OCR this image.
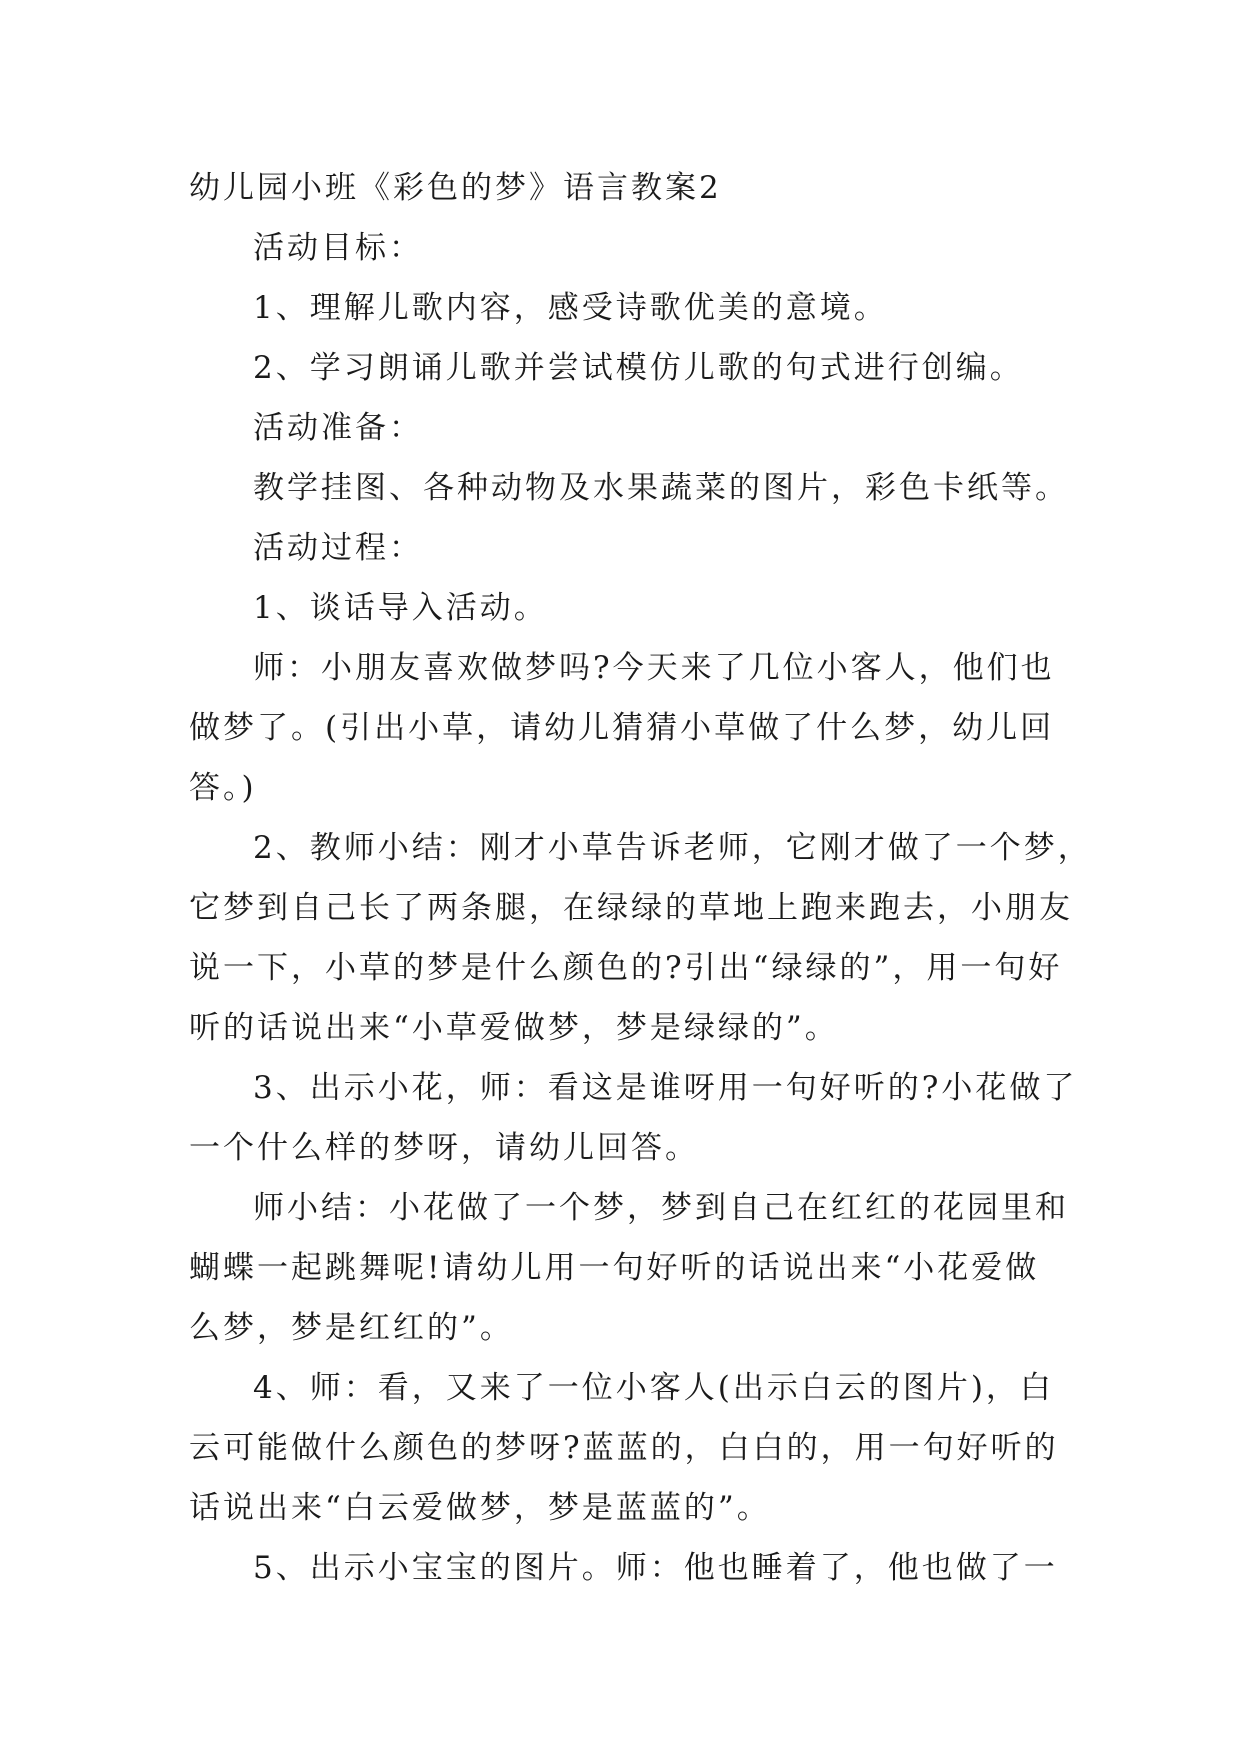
幼儿园小班《彩色的梦》语言教案2
活动目标：
1、理解儿歌内容，感受诗歌优美的意境。
2、学习朗诵儿歌并尝试模仿儿歌的句式进行创编。
活动准备：
教学挂图、各种动物及水果蔬菜的图片，彩色卡纸等。
活动过程：
1、谈话导入活动。
师：小朋友喜欢做梦吗?今天来了几位小客人，他们也
做梦了。(引出小草，请幼儿猜猜小草做了什么梦，幼儿回
答。)
2、教师小结：刚才小草告诉老师，它刚才做了一个梦，
它梦到自己长了两条腿，在绿绿的草地上跑来跑去，小朋友
说一下，小草的梦是什么颜色的?引出“绿绿的”，用一句好
听的话说出来“小草爱做梦，梦是绿绿的”。
3、出示小花，师：看这是谁呀用一句好听的?小花做了
一个什么样的梦呀，请幼儿回答。
师小结：小花做了一个梦，梦到自己在红红的花园里和
蝴蝶一起跳舞呢!请幼儿用一句好听的话说出来“小花爱做
么梦，梦是红红的”。
4、师：看，又来了一位小客人(出示白云的图片)，白
云可能做什么颜色的梦呀?蓝蓝的，白白的，用一句好听的
话说出来“白云爱做梦，梦是蓝蓝的”。
5、出示小宝宝的图片。师：他也睡着了，他也做了一
